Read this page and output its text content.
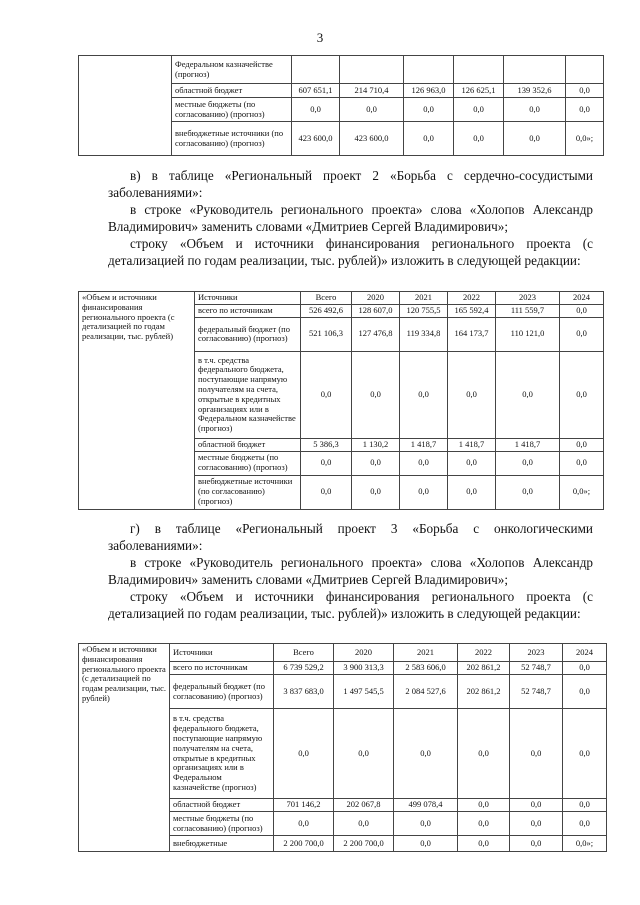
3
	Федеральном казначействе (прогноз)						
	областной бюджет	607 651,1	214 710,4	126 963,0	126 625,1	139 352,6	0,0
	местные бюджеты (по согласованию) (прогноз)	0,0	0,0	0,0	0,0	0,0	0,0
	внебюджетные источники (по согласованию) (прогноз)	423 600,0	423 600,0	0,0	0,0	0,0	0,0»;
в) в таблице «Региональный проект 2 «Борьба с сердечно-сосудистыми заболеваниями»:
в строке «Руководитель регионального проекта» слова «Холопов Александр Владимирович» заменить словами «Дмитриев Сергей Владимирович»;
строку «Объем и источники финансирования регионального проекта (с детализацией по годам реализации, тыс. рублей)» изложить в следующей редакции:
«Объем и источники финансирования регионального проекта (с детализацией по годам реализации, тыс. рублей)	Источники	Всего	2020	2021	2022	2023	2024
	всего по источникам	526 492,6	128 607,0	120 755,5	165 592,4	111 559,7	0,0
	федеральный бюджет (по согласованию) (прогноз)	521 106,3	127 476,8	119 334,8	164 173,7	110 121,0	0,0
	в т.ч. средства федерального бюджета, поступающие напрямую получателям на счета, открытые в кредитных организациях или в Федеральном казначействе (прогноз)	0,0	0,0	0,0	0,0	0,0	0,0
	областной бюджет	5 386,3	1 130,2	1 418,7	1 418,7	1 418,7	0,0
	местные бюджеты (по согласованию) (прогноз)	0,0	0,0	0,0	0,0	0,0	0,0
	внебюджетные источники (по согласованию) (прогноз)	0,0	0,0	0,0	0,0	0,0	0,0»;
г) в таблице «Региональный проект 3 «Борьба с онкологическими заболеваниями»:
в строке «Руководитель регионального проекта» слова «Холопов Александр Владимирович» заменить словами «Дмитриев Сергей Владимирович»;
строку «Объем и источники финансирования регионального проекта (с детализацией по годам реализации, тыс. рублей)» изложить в следующей редакции:
«Объем и источники финансирования регионального проекта (с детализацией по годам реализации, тыс. рублей)	Источники	Всего	2020	2021	2022	2023	2024
	всего по источникам	6 739 529,2	3 900 313,3	2 583 606,0	202 861,2	52 748,7	0,0
	федеральный бюджет (по согласованию) (прогноз)	3 837 683,0	1 497 545,5	2 084 527,6	202 861,2	52 748,7	0,0
	в т.ч. средства федерального бюджета, поступающие напрямую получателям на счета, открытые в кредитных организациях или в Федеральном казначействе (прогноз)	0,0	0,0	0,0	0,0	0,0	0,0
	областной бюджет	701 146,2	202 067,8	499 078,4	0,0	0,0	0,0
	местные бюджеты (по согласованию) (прогноз)	0,0	0,0	0,0	0,0	0,0	0,0
	внебюджетные	2 200 700,0	2 200 700,0	0,0	0,0	0,0	0,0»;
